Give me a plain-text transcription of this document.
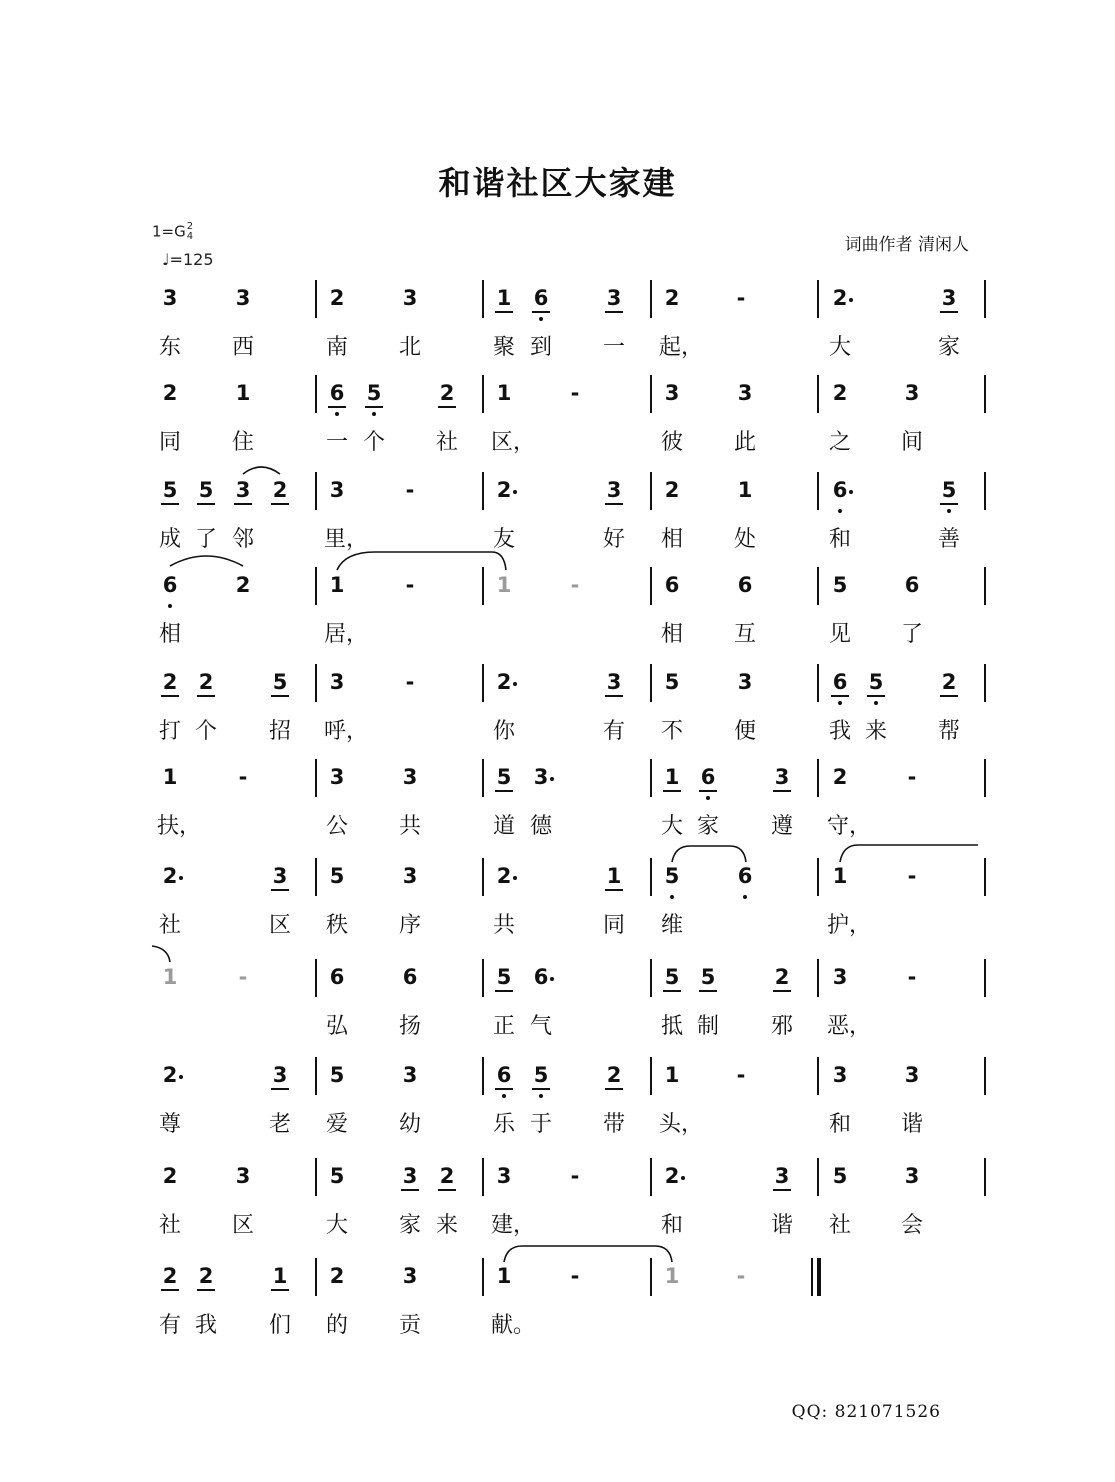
和谐社区大家建
1=G2
4
♩=125
词曲作者 清闲人
3	3	2	3	1 6	3 2	-	2	3
东 西	南 北	聚 到 一 起，	大	家
2	1	6 5	2 1	-	3	3	2	3
同 住	一 个 社 区，	彼 此	之 间
5 5 3 2 3	-	2	3 2	1	6	5
成 了 邻	里，	友	好 相 处	和	善
6	2	1	-	1	-	6	6	5	6
相	居，	相 互	见 了
2 2	5 3	-	2	3 5	3	6 5	2
打 个 招 呼，	你	有 不 便	我 来 帮
1	-	3	3	5 3	1 6	3 2	-
扶，	公 共	道 德	大 家 遵 守，
2	3 5	3	2	1 5	6	1	-
社	区 秩 序	共	同 维	护，
1	-	6	6	5 6	5 5	2 3	-
弘 扬	正 气	抵 制 邪 恶，
2	3 5	3	6 5	2 1	-	3	3
尊	老 爱 幼	乐 于 带 头，	和 谐
2	3	5	3 2 3	-	2	3 5	3
社 区	大 家 来 建，	和	谐 社 会
2 2	1 2	3	1	-	1	-
有 我 们 的 贡	献。
QQ: 821071526
